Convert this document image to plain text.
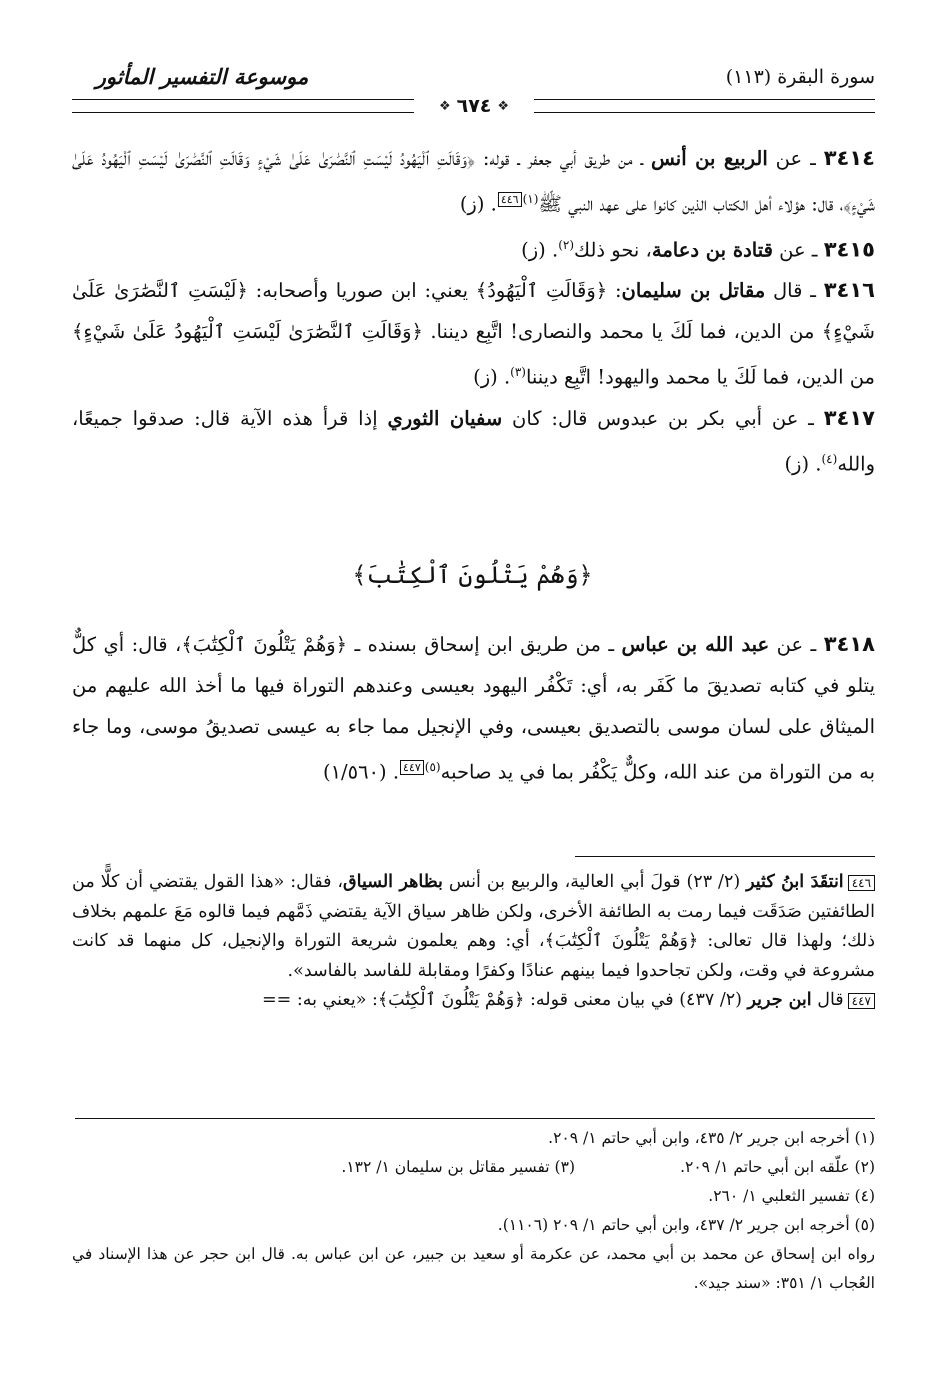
سورة البقرة (١١٣)
موسوعة التفسير المأثور
❖ ٦٧٤ ❖

٣٤١٤ ـ عن الربيع بن أنس ـ من طريق أبي جعفر ـ قوله: ﴿وَقَالَتِ ٱلْيَهُودُ لَيْسَتِ ٱلنَّصَٰرَىٰ عَلَىٰ شَيْءٍ وَقَالَتِ ٱلنَّصَٰرَىٰ لَيْسَتِ ٱلْيَهُودُ عَلَىٰ شَيْءٍ﴾، قال: هؤلاء أهل الكتاب الذين كانوا على عهد النبي ﷺ$^{(١)}$٤٤٦. (ز)

٣٤١٥ ـ عن قتادة بن دعامة، نحو ذلك$^{(٢)}$. (ز)

٣٤١٦ ـ قال مقاتل بن سليمان: ﴿وَقَالَتِ ٱلْيَهُودُ﴾ يعني: ابن صوريا وأصحابه: ﴿لَيْسَتِ ٱلنَّصَٰرَىٰ عَلَىٰ شَيْءٍ﴾ من الدين، فما لَكَ يا محمد والنصارى! اتَّبِع ديننا. ﴿وَقَالَتِ ٱلنَّصَٰرَىٰ لَيْسَتِ ٱلْيَهُودُ عَلَىٰ شَيْءٍ﴾ من الدين، فما لَكَ يا محمد واليهود! اتَّبِع ديننا$^{(٣)}$. (ز)

٣٤١٧ ـ عن أبي بكر بن عبدوس قال: كان سفيان الثوري إذا قرأ هذه الآية قال: صدقوا جميعًا، والله$^{(٤)}$. (ز)

﴿وَهُمْ يَتْلُونَ ٱلْكِتَٰبَ﴾

٣٤١٨ ـ عن عبد الله بن عباس ـ من طريق ابن إسحاق بسنده ـ ﴿وَهُمْ يَتْلُونَ ٱلْكِتَٰبَ﴾، قال: أي كلٌّ يتلو في كتابه تصديقَ ما كَفَر به، أي: تَكْفُر اليهود بعيسى وعندهم التوراة فيها ما أخذ الله عليهم من الميثاق على لسان موسى بالتصديق بعيسى، وفي الإنجيل مما جاء به عيسى تصديقُ موسى، وما جاء به من التوراة من عند الله، وكلٌّ يَكْفُر بما في يد صاحبه$^{(٥)}$٤٤٧. (١/٥٦٠)

٤٤٦انتقَدَ ابنُ كثير (٢/ ٢٣) قولَ أبي العالية، والربيع بن أنس بظاهر السياق، فقال: «هذا القول يقتضي أن كلًّا من الطائفتين صَدَقَت فيما رمت به الطائفة الأخرى، ولكن ظاهر سياق الآية يقتضي ذَمَّهم فيما قالوه مَعَ علمهم بخلاف ذلك؛ ولهذا قال تعالى: ﴿وَهُمْ يَتْلُونَ ٱلْكِتَٰبَ﴾، أي: وهم يعلمون شريعة التوراة والإنجيل، كل منهما قد كانت مشروعة في وقت، ولكن تجاحدوا فيما بينهم عنادًا وكفرًا ومقابلة للفاسد بالفاسد».

٤٤٧قال ابن جرير (٢/ ٤٣٧) في بيان معنى قوله: ﴿وَهُمْ يَتْلُونَ ٱلْكِتَٰبَ﴾: «يعني به: ==

(١) أخرجه ابن جرير ٢/ ٤٣٥، وابن أبي حاتم ١/ ٢٠٩.

(٢) علّقه ابن أبي حاتم ١/ ٢٠٩.

(٣) تفسير مقاتل بن سليمان ١/ ١٣٢.

(٤) تفسير الثعلبي ١/ ٢٦٠.

(٥) أخرجه ابن جرير ٢/ ٤٣٧، وابن أبي حاتم ١/ ٢٠٩ (١١٠٦).

رواه ابن إسحاق عن محمد بن أبي محمد، عن عكرمة أو سعيد بن جبير، عن ابن عباس به. قال ابن حجر عن هذا الإسناد في العُجاب ١/ ٣٥١: «سند جيد».
